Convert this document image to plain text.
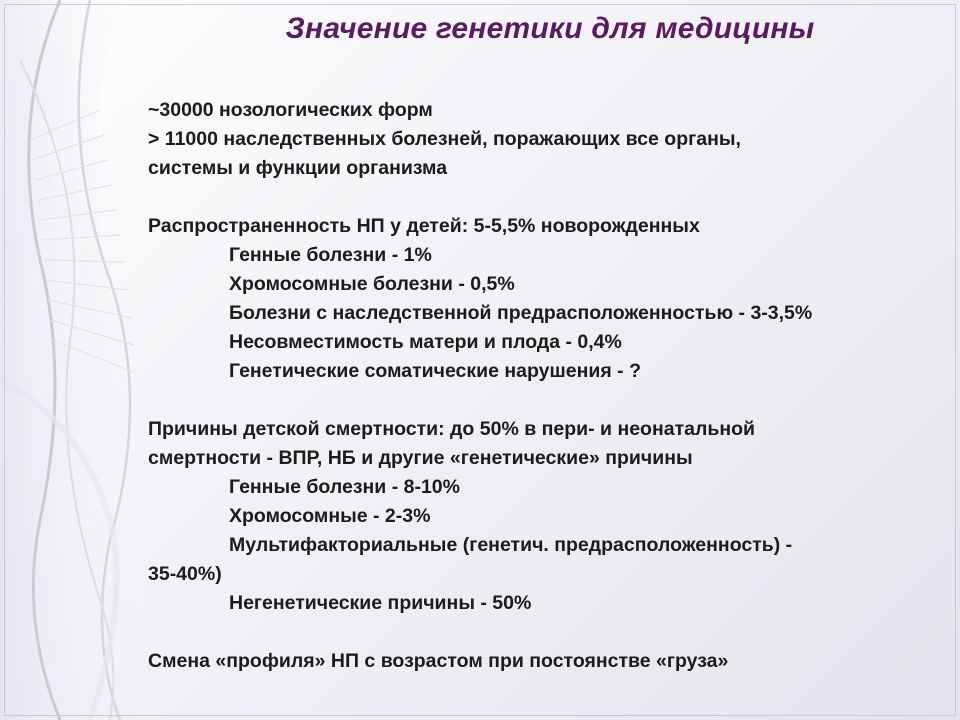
Значение генетики для медицины
~30000 нозологических форм
> 11000 наследственных болезней, поражающих все органы,
системы и функции организма
Распространенность НП у детей: 5-5,5% новорожденных
Генные болезни - 1%
Хромосомные болезни - 0,5%
Болезни с наследственной предрасположенностью - 3-3,5%
Несовместимость матери и плода - 0,4%
Генетические соматические нарушения - ?
Причины детской смертности: до 50% в пери- и неонатальной
смертности - ВПР, НБ и другие «генетические» причины
Генные болезни - 8-10%
Хромосомные - 2-3%
Мультифакториальные (генетич. предрасположенность) -
35-40%)
Негенетические причины - 50%
Смена «профиля» НП с возрастом при постоянстве «груза»
